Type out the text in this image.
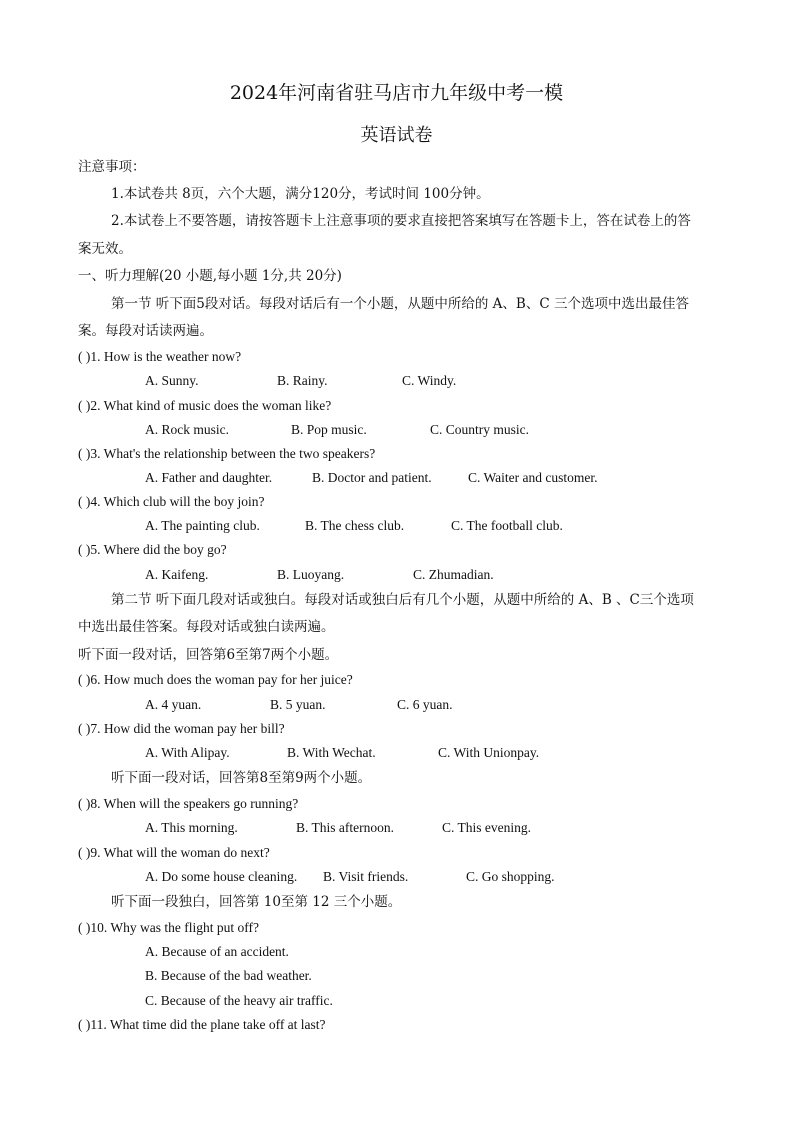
2024年河南省驻马店市九年级中考一模
英语试卷
注意事项：
1.本试卷共 8页，六个大题，满分120分，考试时间 100分钟。
2.本试卷上不要答题，请按答题卡上注意事项的要求直接把答案填写在答题卡上，答在试卷上的答
案无效。
一、听力理解(20 小题,每小题 1分,共 20分)
第一节 听下面5段对话。每段对话后有一个小题，从题中所给的 A、B、C 三个选项中选出最佳答
案。每段对话读两遍。
( )1. How is the weather now?
A. Sunny.	B. Rainy.	C. Windy.
( )2. What kind of music does the woman like?
A. Rock music.	B. Pop music.	C. Country music.
( )3. What's the relationship between the two speakers?
A. Father and daughter.	B. Doctor and patient.	C. Waiter and customer.
( )4. Which club will the boy join?
A. The painting club.	B. The chess club.	C. The football club.
( )5. Where did the boy go?
A. Kaifeng.	B. Luoyang.	C. Zhumadian.
第二节 听下面几段对话或独白。每段对话或独白后有几个小题，从题中所给的 A、B 、C三个选项
中选出最佳答案。每段对话或独白读两遍。
听下面一段对话，回答第6至第7两个小题。
( )6. How much does the woman pay for her juice?
A. 4 yuan.	B. 5 yuan.	C. 6 yuan.
( )7. How did the woman pay her bill?
A. With Alipay.	B. With Wechat.	C. With Unionpay.
听下面一段对话，回答第8至第9两个小题。
( )8. When will the speakers go running?
A. This morning.	B. This afternoon.	C. This evening.
( )9. What will the woman do next?
A. Do some house cleaning. B. Visit friends.	C. Go shopping.
听下面一段独白，回答第 10至第 12 三个小题。
( )10. Why was the flight put off?
A. Because of an accident.
B. Because of the bad weather.
C. Because of the heavy air traffic.
( )11. What time did the plane take off at last?
